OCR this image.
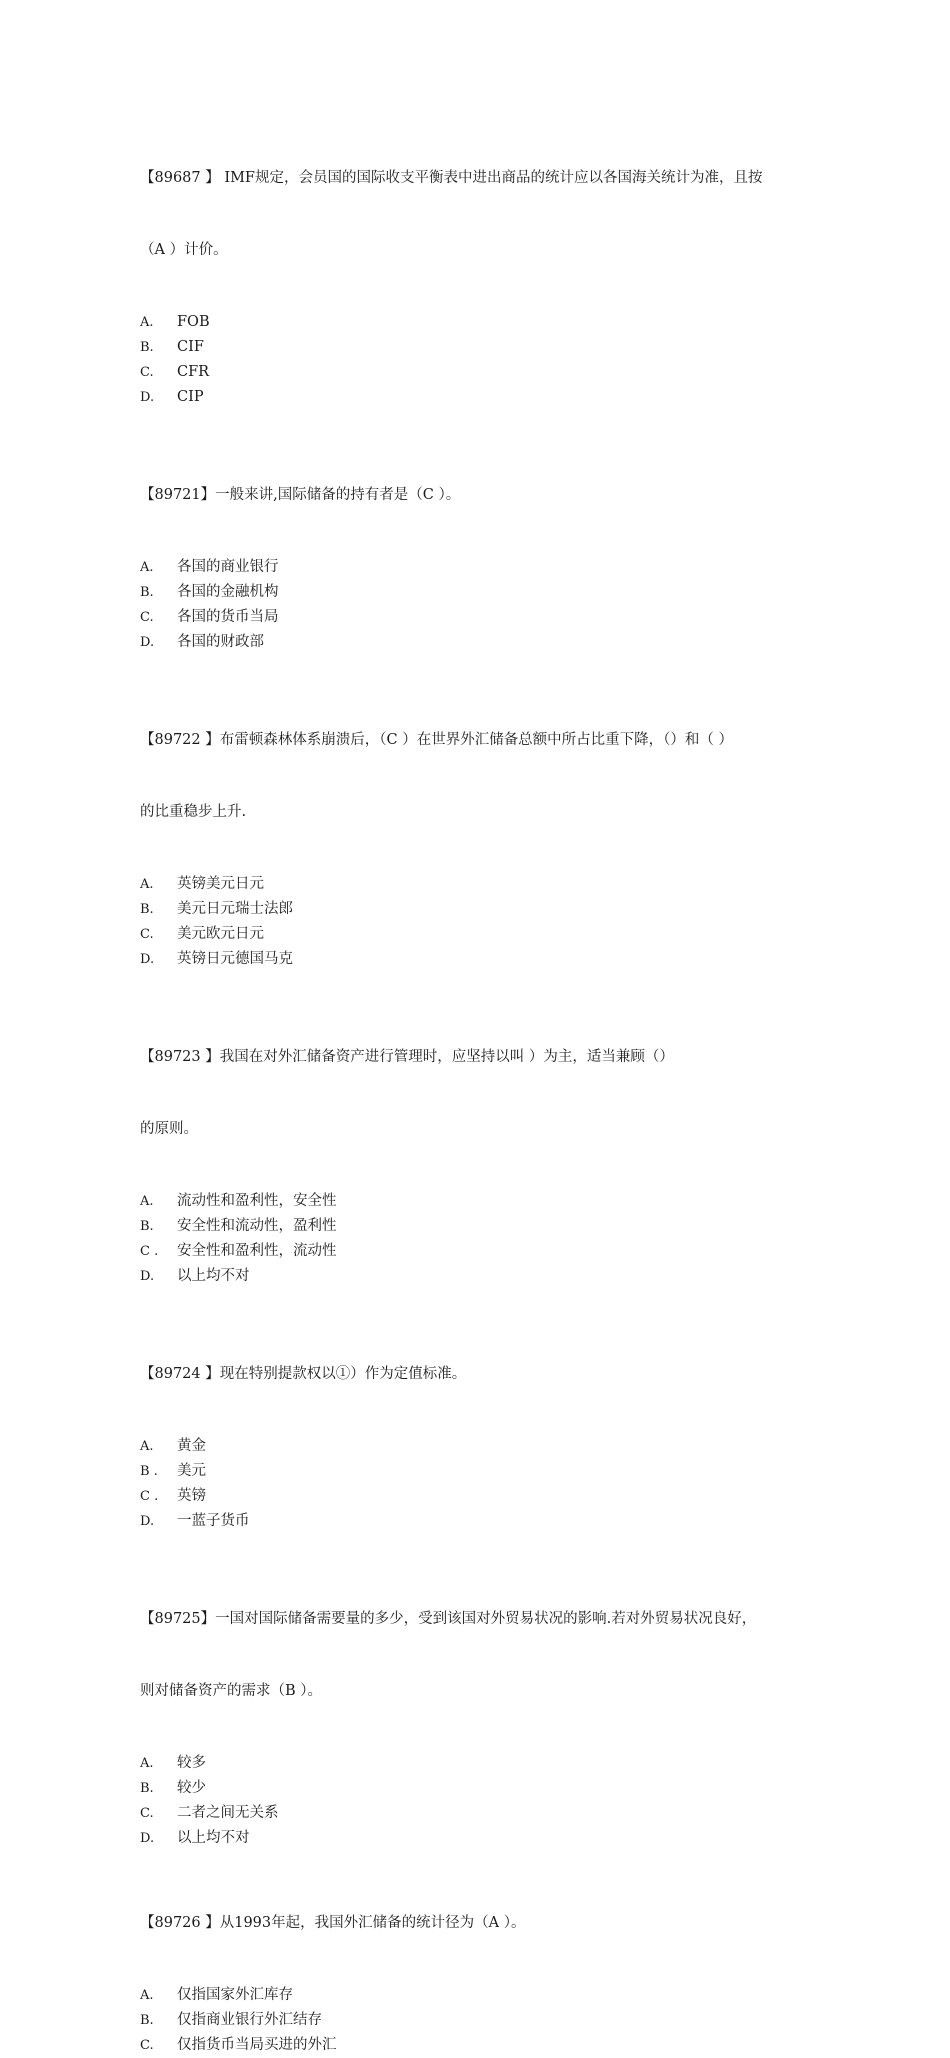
【89687 】 IMF规定，会员国的国际收支平衡表中进出商品的统计应以各国海关统计为准，且按

（A ）计价。

A.	FOB
B.	CIF
C.	CFR
D.	CIP

【89721】一般来讲,国际储备的持有者是（C ）。

A.	各国的商业银行
B.	各国的金融机构
C.	各国的货币当局
D.	各国的财政部

【89722 】布雷顿森林体系崩溃后，（C ）在世界外汇储备总额中所占比重下降，（）和（ ）

的比重稳步上升.

A.	英镑美元日元
B.	美元日元瑞士法郎
C.	美元欧元日元
D.	英镑日元德国马克

【89723 】我国在对外汇储备资产进行管理时，应坚持以叫 ）为主，适当兼顾（）

的原则。

A.	流动性和盈利性，安全性
B.	安全性和流动性，盈利性
C .	安全性和盈利性，流动性
D.	以上均不对

【89724 】现在特别提款权以①）作为定值标准。

A.	黄金
B .	美元
C .	英镑
D.	一蓝子货币

【89725】一国对国际储备需要量的多少，受到该国对外贸易状况的影响.若对外贸易状况良好，

则对储备资产的需求（B ）。

A.	较多
B.	较少
C.	二者之间无关系
D.	以上均不对

【89726 】从1993年起，我国外汇储备的统计径为（A ）。

A.	仅指国家外汇库存
B.	仅指商业银行外汇结存
C.	仅指货币当局买进的外汇
